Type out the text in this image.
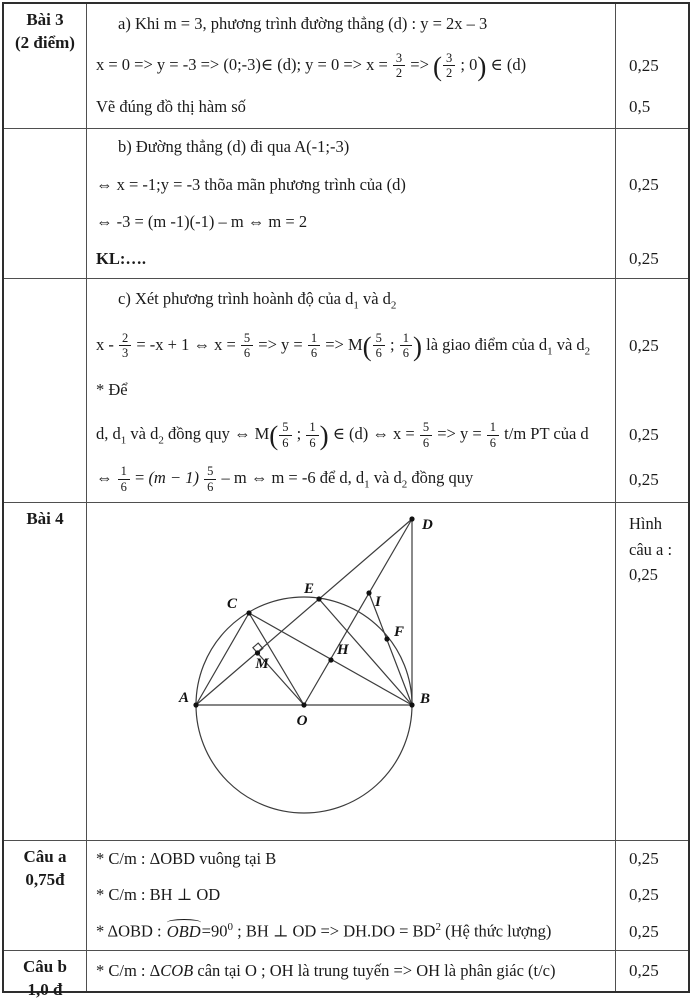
Bài 3
(2 điểm)
a) Khi m = 3, phương trình đường thẳng (d) : y = 2x – 3
x = 0 => y = -3 => (0;-3)∈ (d); $y = 0 => x = \frac{3}{2}$ => ( $\frac{3}{2}$ ; 0) ∈ (d)	0,25
Vẽ đúng đồ thị hàm số	0,5
b) Đường thẳng (d) đi qua A(-1;-3)
⇔ x = -1;y = -3 thõa mãn phương trình của (d)	0,25
⇔ -3 = (m -1)(-1) – m ⇔ m = 2
KL:….	0,25
c) Xét phương trình hoành độ của $d_1$ và $d_2$
$x - \frac{2}{3} = -x + 1$ ⇔ $x = \frac{5}{6} => y = \frac{1}{6} => M( \frac{5}{6}$ ; $\frac{1}{6}$ ) là giao điểm của $d_1$ và $d_2$	0,25
* Để
d, $d_1$ và $d_2$ đồng quy ⇔ $M( \frac{5}{6}$ ; $\frac{1}{6}$ ) ∈ (d) ⇔ $x = \frac{5}{6} => y = \frac{1}{6} t/m$ PT của d	0,25
⇔ $\frac{1}{6} = (m - 1) \frac{5}{6} - m$ ⇔ m = -6 để d, $d_1$ và $d_2$ đồng quy	0,25
Bài 4
A	B
C
D
E
F
H
I
M
O
Hình
câu a :
0,25
Câu a
0,75đ
* C/m : ΔOBD vuông tại B	0,25
* C/m : BH ⊥ OD	0,25
* ΔOBD : $OBD=90^0$ ; BH ⊥ OD => $DH.DO = BD^2$ (Hệ thức lượng)	0,25
Câu b
1,0 đ
* C/m : ΔCOB cân tại O ; OH là trung tuyến => OH là phân giác (t/c)	0,25
